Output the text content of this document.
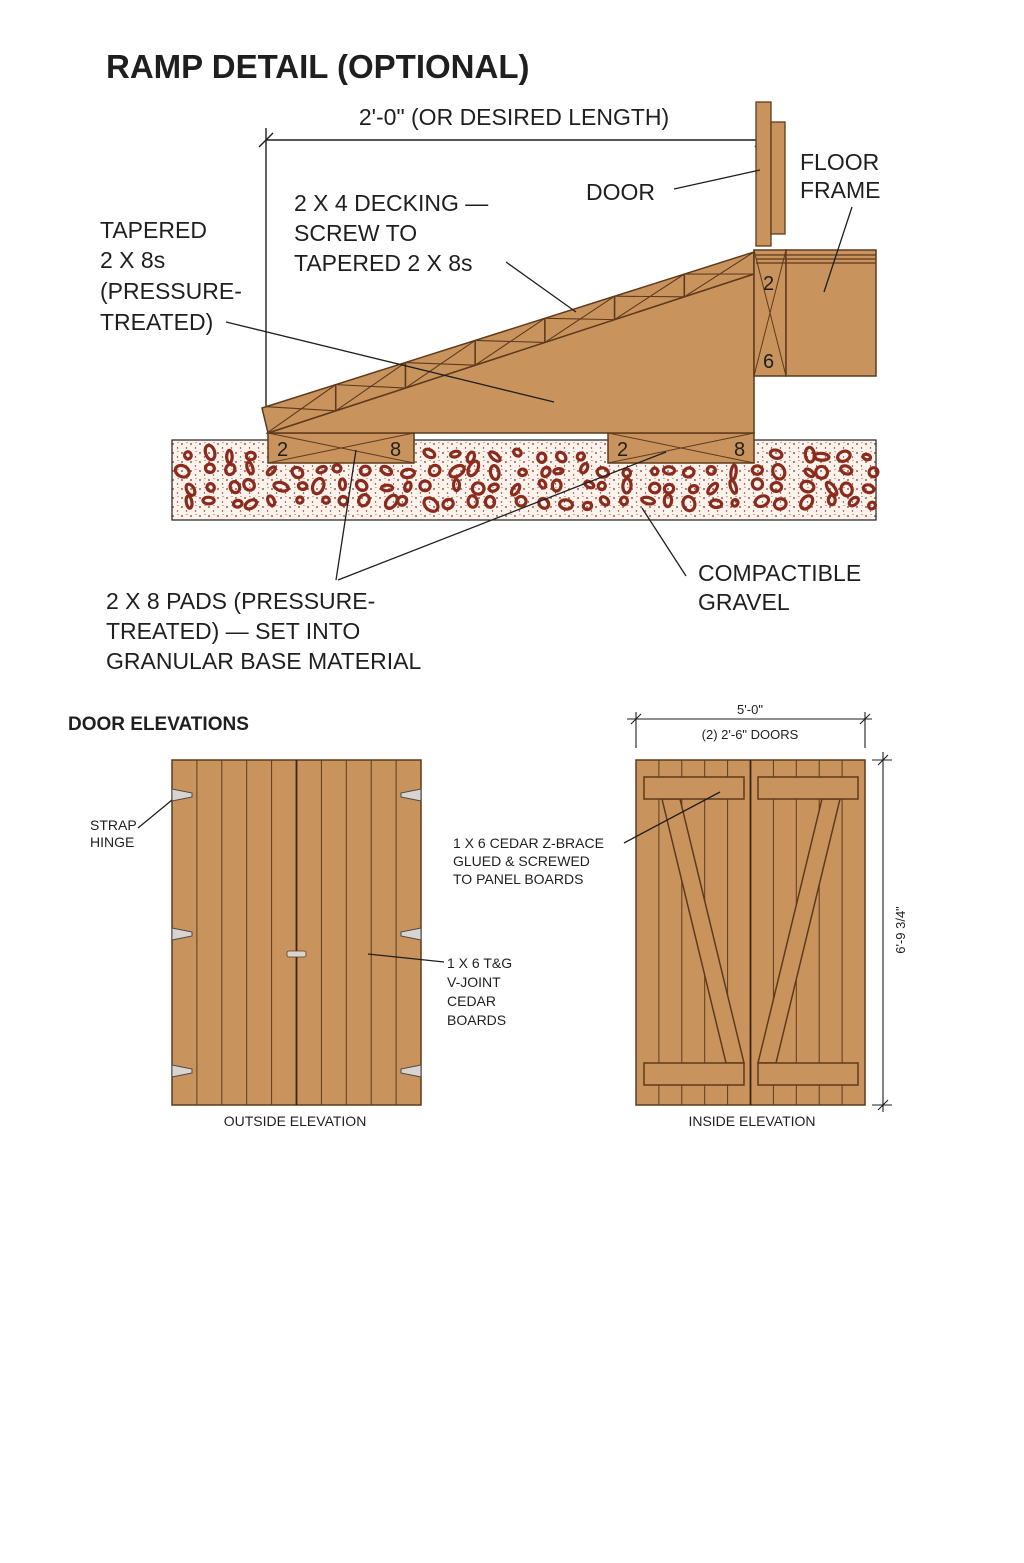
RAMP DETAIL (OPTIONAL)
2'-0" (OR DESIRED LENGTH)
2	8	2	8
2
6
DOOR
FLOOR
FRAME
2 X 4 DECKING —
SCREW TO
TAPERED 2 X 8s
TAPERED
2 X 8s
(PRESSURE-
TREATED)
2 X 8 PADS (PRESSURE-
TREATED) — SET INTO
GRANULAR BASE MATERIAL
COMPACTIBLE
GRAVEL
DOOR ELEVATIONS
STRAP
HINGE
1 X 6 T&G
V-JOINT
CEDAR
BOARDS
OUTSIDE ELEVATION
1 X 6 CEDAR Z-BRACE
GLUED & SCREWED
TO PANEL BOARDS
5'-0"
(2) 2'-6" DOORS
6'-9 3/4"
INSIDE ELEVATION
